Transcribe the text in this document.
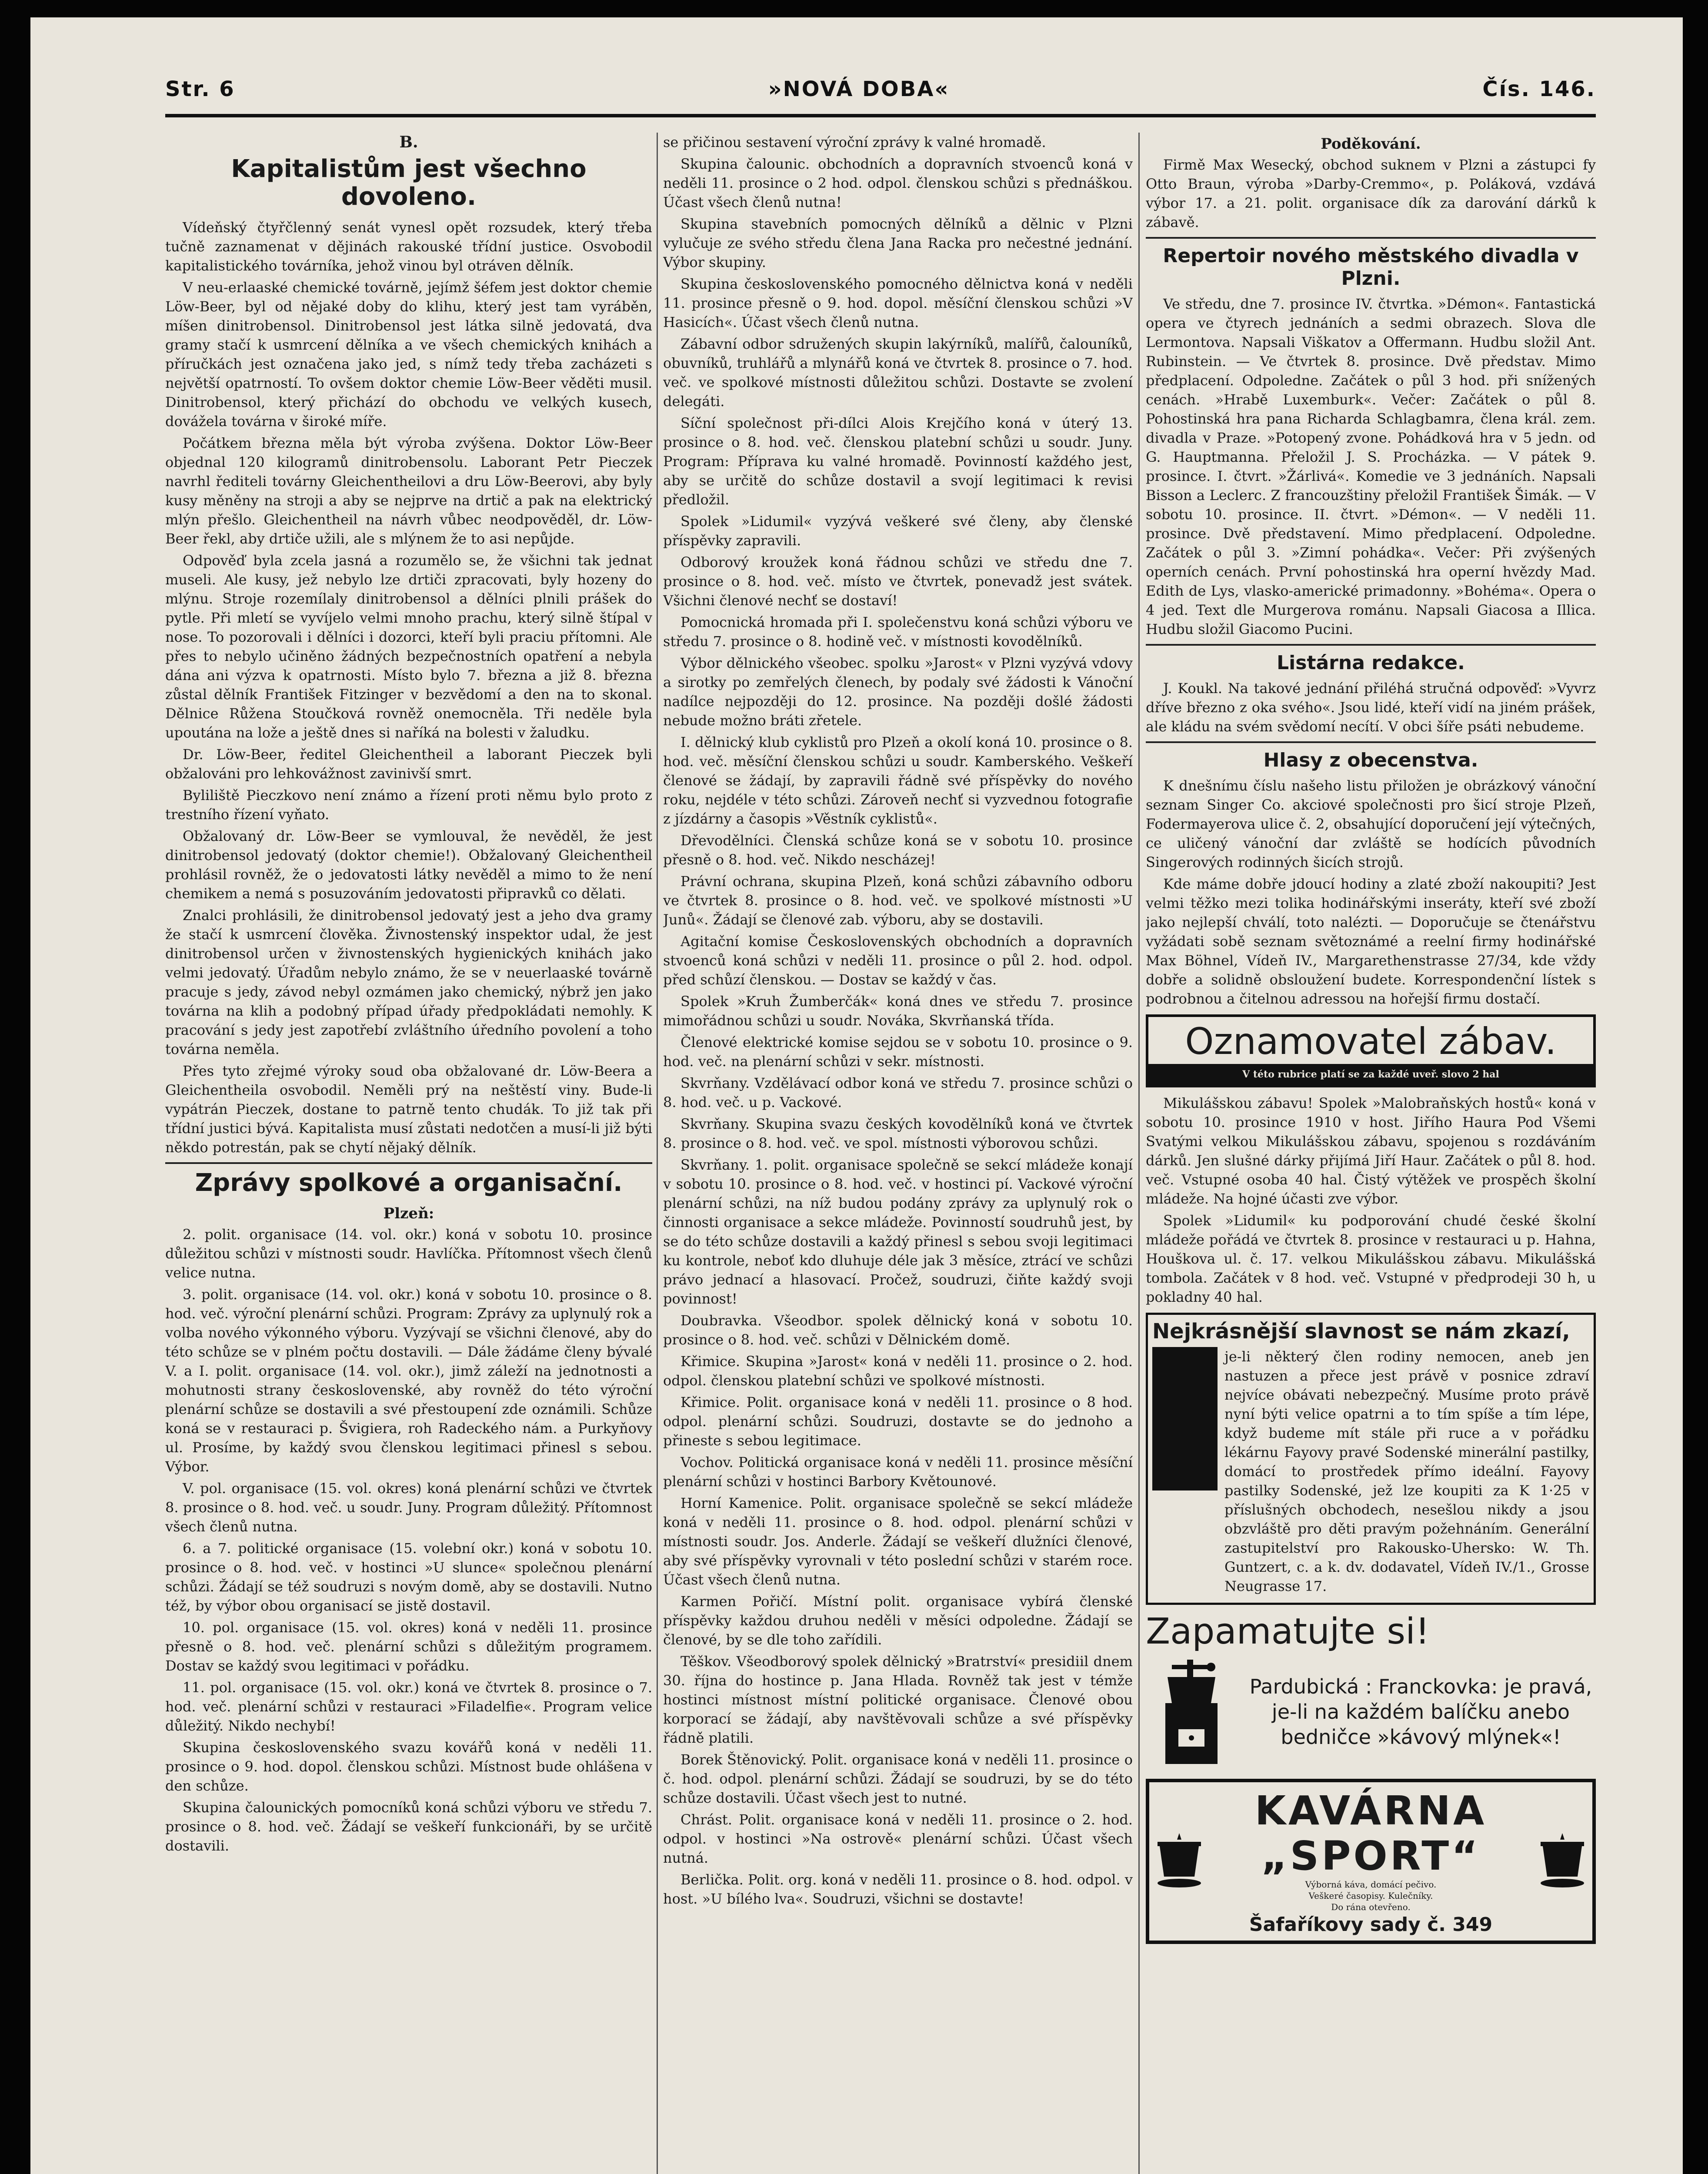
Str. 6	»NOVÁ DOBA«	Čís. 146.

B.

Kapitalistům jest všechno dovoleno.

Vídeňský čtyřčlenný senát vynesl opět rozsudek, který třeba tučně zaznamenat v dějinách rakouské třídní justice. Osvobodil kapitalistického továrníka, jehož vinou byl otráven dělník.

V neu-erlaaské chemické továrně, jejímž šéfem jest doktor chemie Löw-Beer, byl od nějaké doby do klihu, který jest tam vyráběn, míšen dinitrobensol. Dinitrobensol jest látka silně jedovatá, dva gramy stačí k usmrcení dělníka a ve všech chemických knihách a příručkách jest označena jako jed, s nímž tedy třeba zacházeti s největší opatrností. To ovšem doktor chemie Löw-Beer věděti musil. Dinitrobensol, který přichází do obchodu ve velkých kusech, dovážela továrna v široké míře.

Počátkem března měla být výroba zvýšena. Doktor Löw-Beer objednal 120 kilogramů dinitrobensolu. Laborant Petr Pieczek navrhl řediteli továrny Gleichentheilovi a dru Löw-Beerovi, aby byly kusy měněny na stroji a aby se nejprve na drtič a pak na elektrický mlýn přešlo. Gleichentheil na návrh vůbec neodpověděl, dr. Löw-Beer řekl, aby drtiče užili, ale s mlýnem že to asi nepůjde.

Odpověď byla zcela jasná a rozumělo se, že všichni tak jednat museli. Ale kusy, jež nebylo lze drtiči zpracovati, byly hozeny do mlýnu. Stroje rozemílaly dinitrobensol a dělníci plnili prášek do pytle. Při mletí se vyvíjelo velmi mnoho prachu, který silně štípal v nose. To pozorovali i dělníci i dozorci, kteří byli praciu přítomni. Ale přes to nebylo učiněno žádných bezpečnostních opatření a nebyla dána ani výzva k opatrnosti. Místo bylo 7. března a již 8. března zůstal dělník František Fitzinger v bezvědomí a den na to skonal. Dělnice Růžena Stoučková rovněž onemocněla. Tři neděle byla upoutána na lože a ještě dnes si naříká na bolesti v žaludku.

Dr. Löw-Beer, ředitel Gleichentheil a laborant Pieczek byli obžalováni pro lehkovážnost zavinivší smrt.

Byliliště Pieczkovo není známo a řízení proti němu bylo proto z trestního řízení vyňato.

Obžalovaný dr. Löw-Beer se vymlouval, že nevěděl, že jest dinitrobensol jedovatý (doktor chemie!). Obžalovaný Gleichentheil prohlásil rovněž, že o jedovatosti látky nevěděl a mimo to že není chemikem a nemá s posuzováním jedovatosti připravků co dělati.

Znalci prohlásili, že dinitrobensol jedovatý jest a jeho dva gramy že stačí k usmrcení člověka. Živnostenský inspektor udal, že jest dinitrobensol určen v živnostenských hygienických knihách jako velmi jedovatý. Úřadům nebylo známo, že se v neuerlaaské továrně pracuje s jedy, závod nebyl ozmámen jako chemický, nýbrž jen jako továrna na klih a podobný případ úřady předpokládati nemohly. K pracování s jedy jest zapotřebí zvláštního úředního povolení a toho továrna neměla.

Přes tyto zřejmé výroky soud oba obžalované dr. Löw-Beera a Gleichentheila osvobodil. Neměli prý na neštěstí viny. Bude-li vypátrán Pieczek, dostane to patrně tento chudák. To již tak při třídní justici bývá. Kapitalista musí zůstati nedotčen a musí-li již býti někdo potrestán, pak se chytí nějaký dělník.

Zprávy spolkové a organisační.
Plzeň:

2. polit. organisace (14. vol. okr.) koná v sobotu 10. prosince důležitou schůzi v místnosti soudr. Havlíčka. Přítomnost všech členů velice nutna.

3. polit. organisace (14. vol. okr.) koná v sobotu 10. prosince o 8. hod. več. výroční plenární schůzi. Program: Zprávy za uplynulý rok a volba nového výkonného výboru. Vyzývají se všichni členové, aby do této schůze se v plném počtu dostavili. — Dále žádáme členy bývalé V. a I. polit. organisace (14. vol. okr.), jimž záleží na jednotnosti a mohutnosti strany československé, aby rovněž do této výroční plenární schůze se dostavili a své přestoupení zde oznámili. Schůze koná se v restauraci p. Švigiera, roh Radeckého nám. a Purkyňovy ul. Prosíme, by každý svou členskou legitimaci přinesl s sebou. Výbor.

V. pol. organisace (15. vol. okres) koná plenární schůzi ve čtvrtek 8. prosince o 8. hod. več. u soudr. Juny. Program důležitý. Přítomnost všech členů nutna.

6. a 7. politické organisace (15. volební okr.) koná v sobotu 10. prosince o 8. hod. več. v hostinci »U slunce« společnou plenární schůzi. Žádají se též soudruzi s novým domě, aby se dostavili. Nutno též, by výbor obou organisací se jistě dostavil.

10. pol. organisace (15. vol. okres) koná v neděli 11. prosince přesně o 8. hod. več. plenární schůzi s důležitým programem. Dostav se každý svou legitimaci v pořádku.

11. pol. organisace (15. vol. okr.) koná ve čtvrtek 8. prosince o 7. hod. več. plenární schůzi v restauraci »Filadelfie«. Program velice důležitý. Nikdo nechybí!

Skupina československého svazu kovářů koná v neděli 11. prosince o 9. hod. dopol. členskou schůzi. Místnost bude ohlášena v den schůze.

Skupina čalounických pomocníků koná schůzi výboru ve středu 7. prosince o 8. hod. več. Žádají se veškeří funkcionáři, by se určitě dostavili.

se přičinou sestavení výroční zprávy k valné hromadě.

Skupina čalounic. obchodních a dopravních stvoenců koná v neděli 11. prosince o 2 hod. odpol. členskou schůzi s přednáškou. Účast všech členů nutna!

Skupina stavebních pomocných dělníků a dělnic v Plzni vylučuje ze svého středu člena Jana Racka pro nečestné jednání. Výbor skupiny.

Skupina československého pomocného dělnictva koná v neděli 11. prosince přesně o 9. hod. dopol. měsíční členskou schůzi »V Hasicích«. Účast všech členů nutna.

Zábavní odbor sdružených skupin lakýrníků, malířů, čalouníků, obuvníků, truhlářů a mlynářů koná ve čtvrtek 8. prosince o 7. hod. več. ve spolkové místnosti důležitou schůzi. Dostavte se zvolení delegáti.

Síční společnost při-dílci Alois Krejčího koná v úterý 13. prosince o 8. hod. več. členskou platební schůzi u soudr. Juny. Program: Příprava ku valné hromadě. Povinností každého jest, aby se určitě do schůze dostavil a svojí legitimaci k revisi předložil.

Spolek »Lidumil« vyzývá veškeré své členy, aby členské příspěvky zapravili.

Odborový kroužek koná řádnou schůzi ve středu dne 7. prosince o 8. hod. več. místo ve čtvrtek, ponevadž jest svátek. Všichni členové nechť se dostaví!

Pomocnická hromada při I. společenstvu koná schůzi výboru ve středu 7. prosince o 8. hodině več. v místnosti kovodělníků.

Výbor dělnického všeobec. spolku »Jarost« v Plzni vyzývá vdovy a sirotky po zemřelých členech, by podaly své žádosti k Vánoční nadílce nejpozději do 12. prosince. Na později došlé žádosti nebude možno bráti zřetele.

I. dělnický klub cyklistů pro Plzeň a okolí koná 10. prosince o 8. hod. več. měsíční členskou schůzi u soudr. Kamberského. Veškeří členové se žádají, by zapravili řádně své příspěvky do nového roku, nejdéle v této schůzi. Zároveň nechť si vyzvednou fotografie z jízdárny a časopis »Věstník cyklistů«.

Dřevodělníci. Členská schůze koná se v sobotu 10. prosince přesně o 8. hod. več. Nikdo nescházej!

Právní ochrana, skupina Plzeň, koná schůzi zábavního odboru ve čtvrtek 8. prosince o 8. hod. več. ve spolkové místnosti »U Junů«. Žádají se členové zab. výboru, aby se dostavili.

Agitační komise Československých obchodních a dopravních stvoenců koná schůzi v neděli 11. prosince o půl 2. hod. odpol. před schůzí členskou. — Dostav se každý v čas.

Spolek »Kruh Žumberčák« koná dnes ve středu 7. prosince mimořádnou schůzi u soudr. Nováka, Skvrňanská třída.

Členové elektrické komise sejdou se v sobotu 10. prosince o 9. hod. več. na plenární schůzi v sekr. místnosti.

Skvrňany. Vzdělávací odbor koná ve středu 7. prosince schůzi o 8. hod. več. u p. Vackové.

Skvrňany. Skupina svazu českých kovodělníků koná ve čtvrtek 8. prosince o 8. hod. več. ve spol. místnosti výborovou schůzi.

Skvrňany. 1. polit. organisace společně se sekcí mládeže konají v sobotu 10. prosince o 8. hod. več. v hostinci pí. Vackové výroční plenární schůzi, na níž budou podány zprávy za uplynulý rok o činnosti organisace a sekce mládeže. Povinností soudruhů jest, by se do této schůze dostavili a každý přinesl s sebou svoji legitimaci ku kontrole, neboť kdo dluhuje déle jak 3 měsíce, ztrácí ve schůzi právo jednací a hlasovací. Pročež, soudruzi, čiňte každý svoji povinnost!

Doubravka. Všeodbor. spolek dělnický koná v sobotu 10. prosince o 8. hod. več. schůzi v Dělnickém domě.

Křimice. Skupina »Jarost« koná v neděli 11. prosince o 2. hod. odpol. členskou platební schůzi ve spolkové místnosti.

Křimice. Polit. organisace koná v neděli 11. prosince o 8 hod. odpol. plenární schůzi. Soudruzi, dostavte se do jednoho a přineste s sebou legitimace.

Vochov. Politická organisace koná v neděli 11. prosince měsíční plenární schůzi v hostinci Barbory Květounové.

Horní Kamenice. Polit. organisace společně se sekcí mládeže koná v neděli 11. prosince o 8. hod. odpol. plenární schůzi v místnosti soudr. Jos. Anderle. Žádají se veškeří dlužníci členové, aby své příspěvky vyrovnali v této poslední schůzi v starém roce. Účast všech členů nutna.

Karmen Pořičí. Místní polit. organisace vybírá členské příspěvky každou druhou neděli v měsíci odpoledne. Žádají se členové, by se dle toho zařídili.

Těškov. Všeodborový spolek dělnický »Bratrství« presidiil dnem 30. října do hostince p. Jana Hlada. Rovněž tak jest v témže hostinci místnost místní politické organisace. Členové obou korporací se žádají, aby navštěvovali schůze a své příspěvky řádně platili.

Borek Štěnovický. Polit. organisace koná v neděli 11. prosince o č. hod. odpol. plenární schůzi. Žádají se soudruzi, by se do této schůze dostavili. Účast všech jest to nutné.

Chrást. Polit. organisace koná v neděli 11. prosince o 2. hod. odpol. v hostinci »Na ostrově« plenární schůzi. Účast všech nutná.

Berlička. Polit. org. koná v neděli 11. prosince o 8. hod. odpol. v host. »U bílého lva«. Soudruzi, všichni se dostavte!

Poděkování.

Firmě Max Wesecký, obchod suknem v Plzni a zástupci fy Otto Braun, výroba »Darby-Cremmo«, p. Poláková, vzdává výbor 17. a 21. polit. organisace dík za darování dárků k zábavě.

Repertoir nového městského divadla v Plzni.

Ve středu, dne 7. prosince IV. čtvrtka. »Démon«. Fantastická opera ve čtyrech jednáních a sedmi obrazech. Slova dle Lermontova. Napsali Viškatov a Offermann. Hudbu složil Ant. Rubinstein. — Ve čtvrtek 8. prosince. Dvě představ. Mimo předplacení. Odpoledne. Začátek o půl 3 hod. při snížených cenách. »Hrabě Luxemburk«. Večer: Začátek o půl 8. Pohostinská hra pana Richarda Schlagbamra, člena král. zem. divadla v Praze. »Potopený zvone. Pohádková hra v 5 jedn. od G. Hauptmanna. Přeložil J. S. Procházka. — V pátek 9. prosince. I. čtvrt. »Žárlivá«. Komedie ve 3 jednáních. Napsali Bisson a Leclerc. Z francouzštiny přeložil František Šimák. — V sobotu 10. prosince. II. čtvrt. »Démon«. — V neděli 11. prosince. Dvě představení. Mimo předplacení. Odpoledne. Začátek o půl 3. »Zimní pohádka«. Večer: Při zvýšených operních cenách. První pohostinská hra operní hvězdy Mad. Edith de Lys, vlasko-americké primadonny. »Bohéma«. Opera o 4 jed. Text dle Murgerova románu. Napsali Giacosa a Illica. Hudbu složil Giacomo Pucini.

Listárna redakce.

J. Koukl. Na takové jednání přiléhá stručná odpověď: »Vyvrz dříve březno z oka svého«. Jsou lidé, kteří vidí na jiném prášek, ale kládu na svém svědomí necítí. V obci šíře psáti nebudeme.

Hlasy z obecenstva.

K dnešnímu číslu našeho listu přiložen je obrázkový vánoční seznam Singer Co. akciové společnosti pro šicí stroje Plzeň, Fodermayerova ulice č. 2, obsahující doporučení její výtečných, ce uličený vánoční dar zvláště se hodících původních Singerových rodinných šicích strojů.

Kde máme dobře jdoucí hodiny a zlaté zboží nakoupiti? Jest velmi těžko mezi tolika hodinářskými inseráty, kteří své zboží jako nejlepší chválí, toto nalézti. — Doporučuje se čtenářstvu vyžádati sobě seznam světoznámé a reelní firmy hodinářské Max Böhnel, Vídeň IV., Margarethenstrasse 27/34, kde vždy dobře a solidně obsloužení budete. Korrespondenční lístek s podrobnou a čitelnou adressou na hořejší firmu dostačí.

Oznamovatel zábav.
V této rubrice platí se za každé uveř. slovo 2 hal

Mikulášskou zábavu! Spolek »Malobraňských hostů« koná v sobotu 10. prosince 1910 v host. Jiřího Haura Pod Všemi Svatými velkou Mikulášskou zábavu, spojenou s rozdáváním dárků. Jen slušné dárky přijímá Jiří Haur. Začátek o půl 8. hod. več. Vstupné osoba 40 hal. Čistý výtěžek ve prospěch školní mládeže. Na hojné účasti zve výbor.

Spolek »Lidumil« ku podporování chudé české školní mládeže pořádá ve čtvrtek 8. prosince v restauraci u p. Hahna, Houškova ul. č. 17. velkou Mikulášskou zábavu. Mikulášská tombola. Začátek v 8 hod. več. Vstupné v předprodeji 30 h, u pokladny 40 hal.

Nejkrásnější slavnost se nám zkazí,

je-li některý člen rodiny nemocen, aneb jen nastuzen a přece jest právě v posnice zdraví nejvíce obávati nebezpečný. Musíme proto právě nyní býti velice opatrni a to tím spíše a tím lépe, když budeme mít stále při ruce a v pořádku lékárnu Fayovy pravé Sodenské minerální pastilky, domácí to prostředek přímo ideální. Fayovy pastilky Sodenské, jež lze koupiti za K 1·25 v příslušných obchodech, nesešlou nikdy a jsou obzvláště pro děti pravým požehnáním. Generální zastupitelství pro Rakousko-Uhersko: W. Th. Guntzert, c. a k. dv. dodavatel, Vídeň IV./1., Grosse Neugrasse 17.

Zapamatujte si!
Pardubická : Franckovka: je pravá, je-li na každém balíčku anebo bedničce »kávový mlýnek«!
KAVÁRNA „SPORT“
Výborná káva, domácí pečivo.
Veškeré časopisy. Kulečníky.
Do rána otevřeno.
Šafaříkovy sady č. 349
